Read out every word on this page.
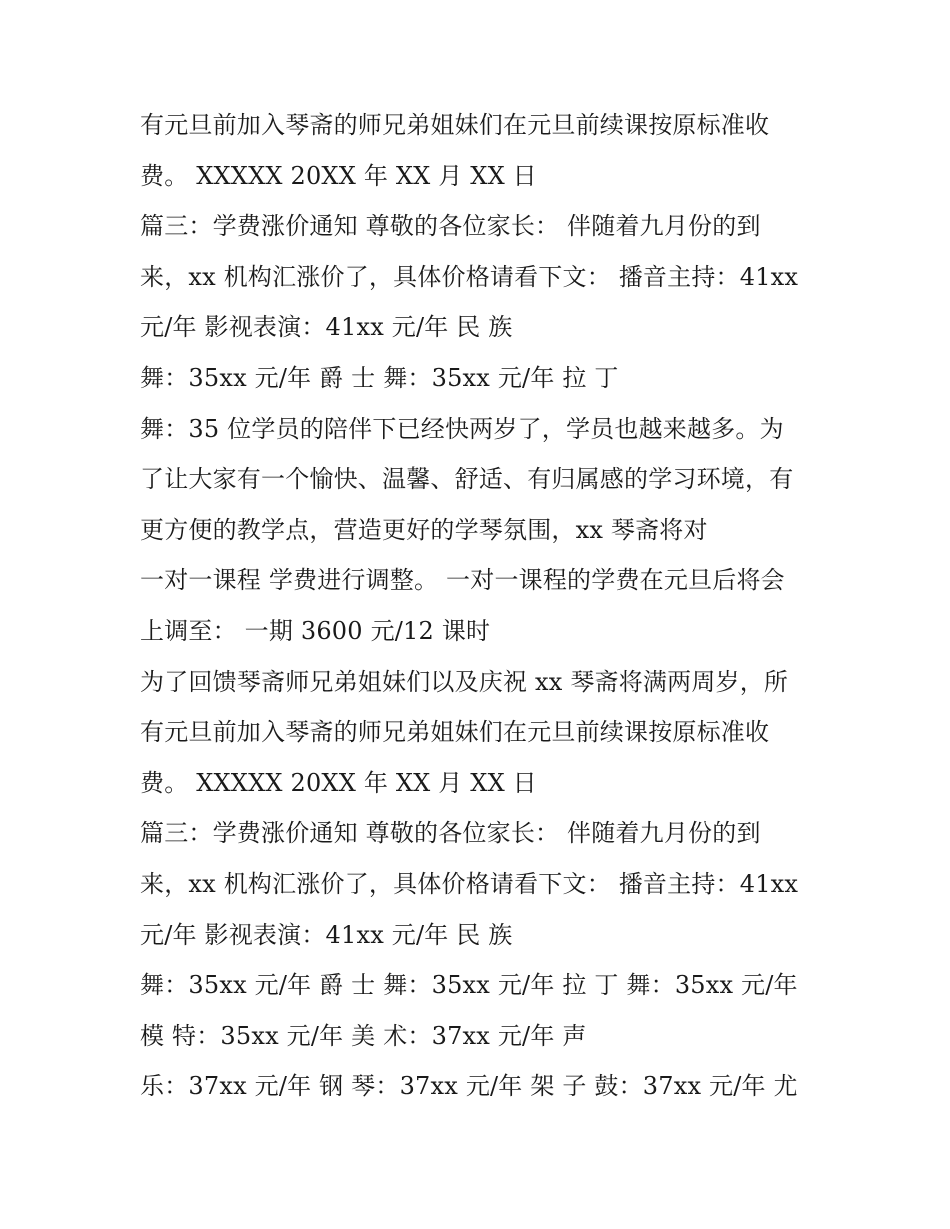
有元旦前加入琴斋的师兄弟姐妹们在元旦前续课按原标准收
费。 XXXXX 20XX 年 XX 月 XX 日
篇三：学费涨价通知 尊敬的各位家长： 伴随着九月份的到
来，xx 机构汇涨价了，具体价格请看下文： 播音主持：41xx
元/年 影视表演：41xx 元/年 民 族
舞：35xx 元/年 爵 士 舞：35xx 元/年 拉 丁
舞：35 位学员的陪伴下已经快两岁了，学员也越来越多。为
了让大家有一个愉快、温馨、舒适、有归属感的学习环境，有
更方便的教学点，营造更好的学琴氛围，xx 琴斋将对
一对一课程 学费进行调整。 一对一课程的学费在元旦后将会
上调至： 一期 3600 元/12 课时
为了回馈琴斋师兄弟姐妹们以及庆祝 xx 琴斋将满两周岁，所
有元旦前加入琴斋的师兄弟姐妹们在元旦前续课按原标准收
费。 XXXXX 20XX 年 XX 月 XX 日
篇三：学费涨价通知 尊敬的各位家长： 伴随着九月份的到
来，xx 机构汇涨价了，具体价格请看下文： 播音主持：41xx
元/年 影视表演：41xx 元/年 民 族
舞：35xx 元/年 爵 士 舞：35xx 元/年 拉 丁 舞：35xx 元/年
模 特：35xx 元/年 美 术：37xx 元/年 声
乐：37xx 元/年 钢 琴：37xx 元/年 架 子 鼓：37xx 元/年 尤
